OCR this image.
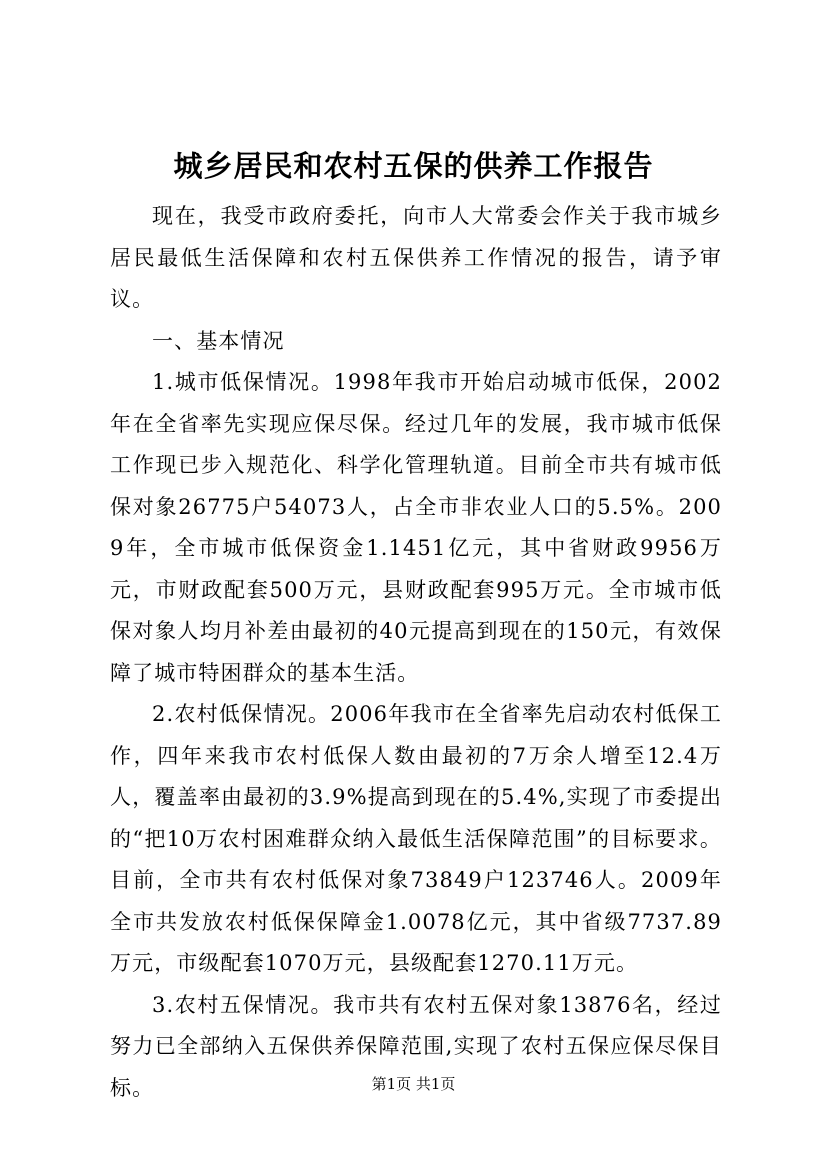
城乡居民和农村五保的供养工作报告

现在，我受市政府委托，向市人大常委会作关于我市城乡居民最低生活保障和农村五保供养工作情况的报告，请予审议。

一、基本情况

1.城市低保情况。1998年我市开始启动城市低保，2002年在全省率先实现应保尽保。经过几年的发展，我市城市低保工作现已步入规范化、科学化管理轨道。目前全市共有城市低保对象26775户54073人，占全市非农业人口的5.5%。2009年，全市城市低保资金1.1451亿元，其中省财政9956万元，市财政配套500万元，县财政配套995万元。全市城市低保对象人均月补差由最初的40元提高到现在的150元，有效保障了城市特困群众的基本生活。

2.农村低保情况。2006年我市在全省率先启动农村低保工作，四年来我市农村低保人数由最初的7万余人增至12.4万人，覆盖率由最初的3.9%提高到现在的5.4%,实现了市委提出的“把10万农村困难群众纳入最低生活保障范围”的目标要求。目前，全市共有农村低保对象73849户123746人。2009年全市共发放农村低保保障金1.0078亿元，其中省级7737.89万元，市级配套1070万元，县级配套1270.11万元。

3.农村五保情况。我市共有农村五保对象13876名，经过努力已全部纳入五保供养保障范围,实现了农村五保应保尽保目标。	第1页 共1页
